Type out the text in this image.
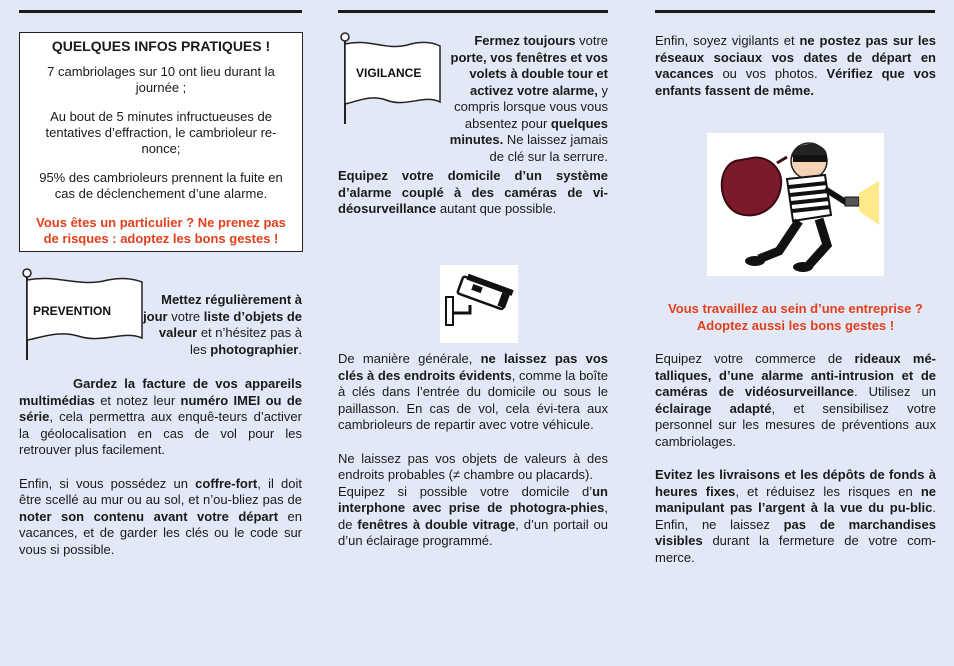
QUELQUES INFOS PRATIQUES !

7 cambriolages sur 10 ont lieu durant la journée ;

Au bout de 5 minutes infructueuses de tentatives d’effraction, le cambrioleur re-nonce;

95% des cambrioleurs prennent la fuite en cas de déclenchement d’une alarme.

Vous êtes un particulier ? Ne prenez pas de risques : adoptez les bons gestes !

PREVENTION

Mettez régulièrement à jour votre liste d’objets de valeur et n’hésitez pas à les photographier.

Gardez la facture de vos appareils multimédias et notez leur numéro IMEI ou de série, cela permettra aux enquê-teurs d’activer la géolocalisation en cas de vol pour les retrouver plus facilement.

Enfin, si vous possédez un coffre-fort, il doit être scellé au mur ou au sol, et n’ou-bliez pas de noter son contenu avant votre départ en vacances, et de garder les clés ou le code sur vous si possible.

VIGILANCE

Fermez toujours votre porte, vos fenêtres et vos volets à double tour et activez votre alarme, y compris lorsque vous vous absentez pour quelques minutes. Ne laissez jamais de clé sur la serrure.

Equipez votre domicile d’un système d’alarme couplé à des caméras de vi-déosurveillance autant que possible.

De manière générale, ne laissez pas vos clés à des endroits évidents, comme la boîte à clés dans l’entrée du domicile ou sous le paillasson. En cas de vol, cela évi-tera aux cambrioleurs de repartir avec votre véhicule.

Ne laissez pas vos objets de valeurs à des endroits probables (≠ chambre ou placards).

Equipez si possible votre domicile d’un interphone avec prise de photogra-phies, de fenêtres à double vitrage, d’un portail ou d’un éclairage programmé.

Enfin, soyez vigilants et ne postez pas sur les réseaux sociaux vos dates de départ en vacances ou vos photos. Vérifiez que vos enfants fassent de même.

Vous travaillez au sein d’une entreprise ? Adoptez aussi les bons gestes !

Equipez votre commerce de rideaux mé-talliques, d’une alarme anti-intrusion et de caméras de vidéosurveillance. Utilisez un éclairage adapté, et sensibilisez votre personnel sur les mesures de préventions aux cambriolages.

Evitez les livraisons et les dépôts de fonds à heures fixes, et réduisez les risques en ne manipulant pas l’argent à la vue du pu-blic. Enfin, ne laissez pas de marchandises visibles durant la fermeture de votre com-merce.
